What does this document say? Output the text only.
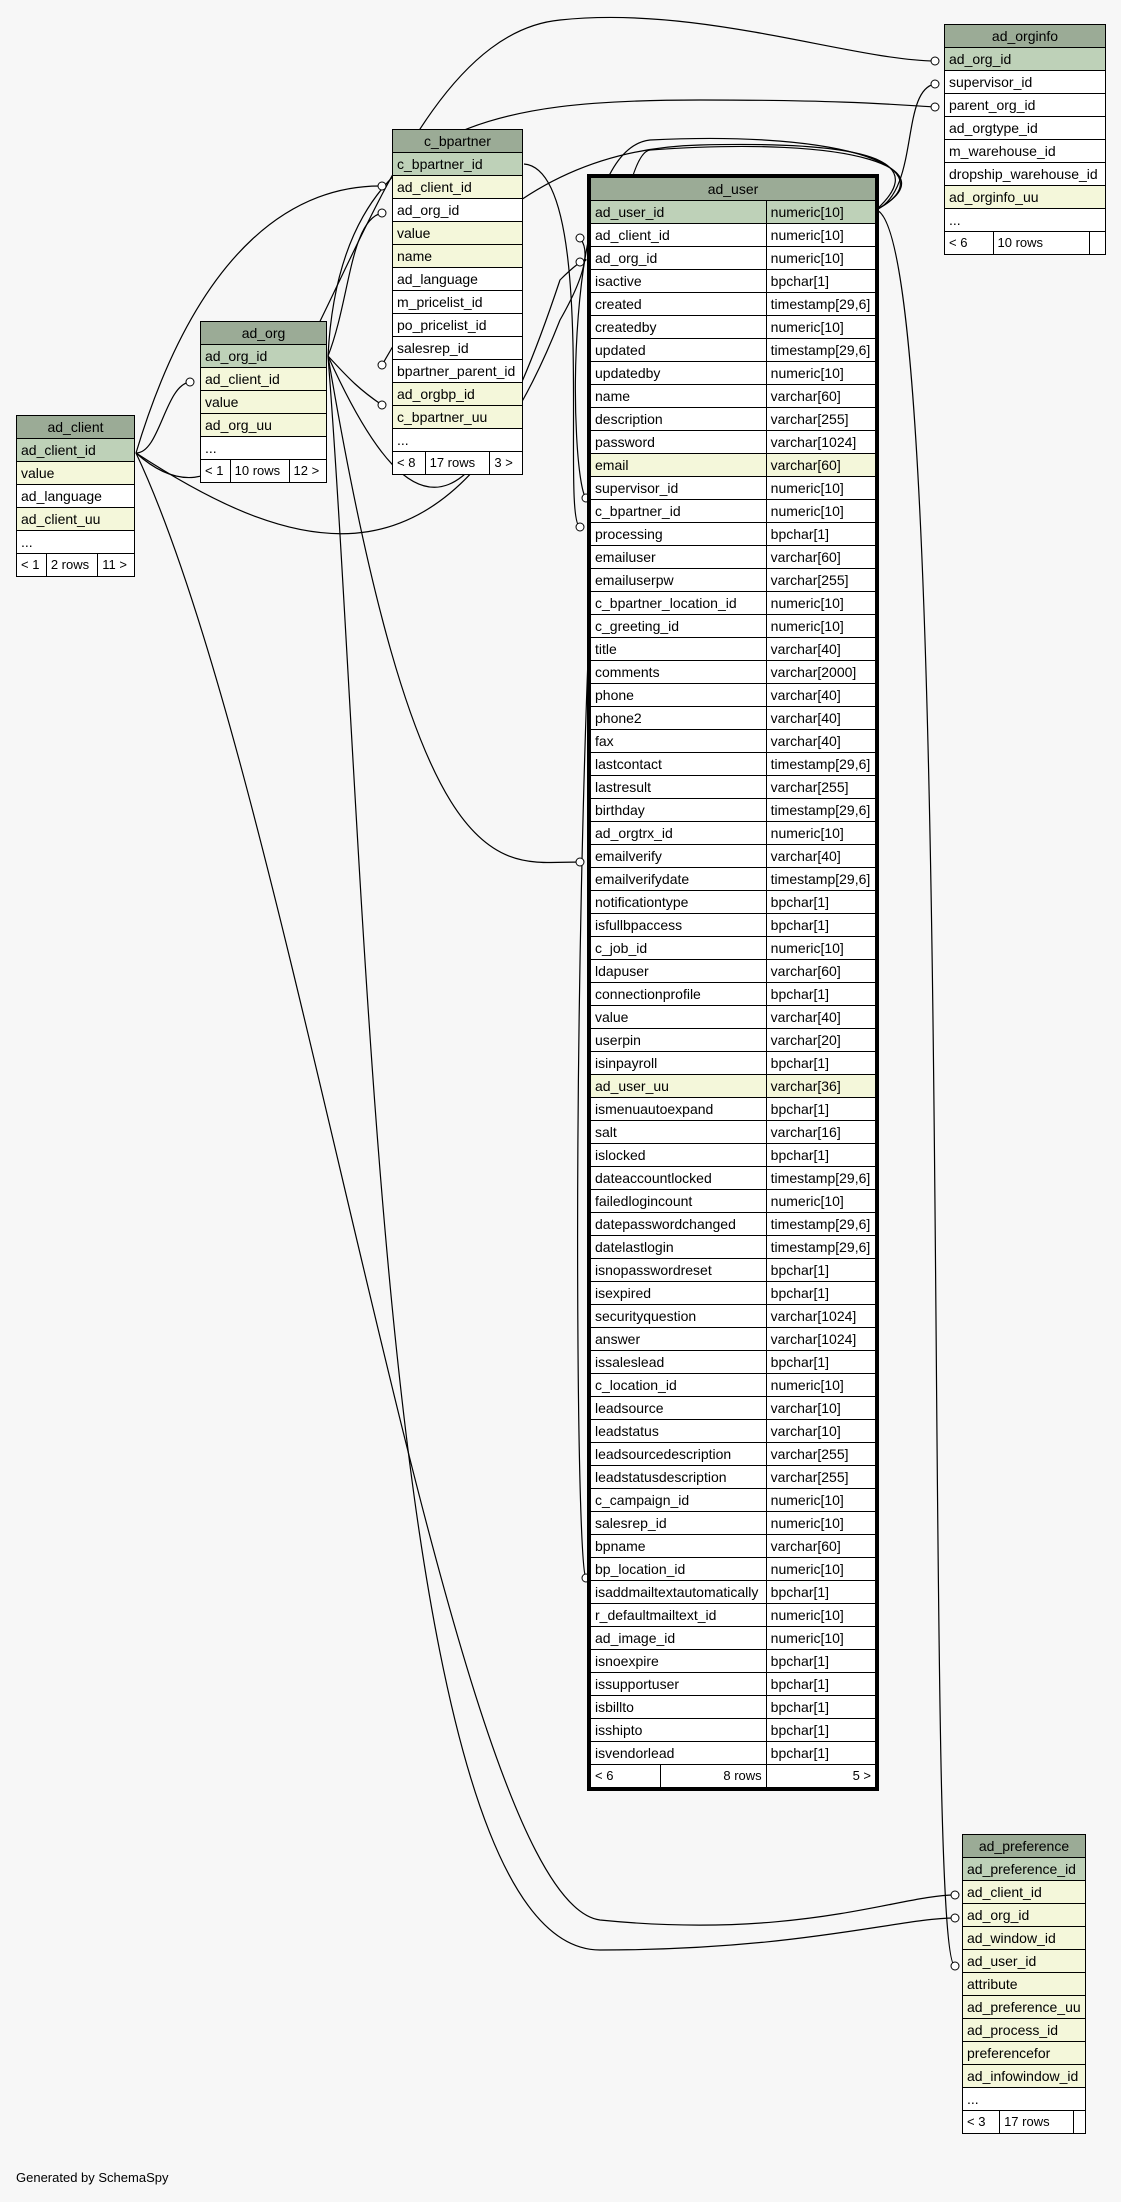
ad_client
ad_client_id
value
ad_language
ad_client_uu
...
< 1	2 rows	11 >
ad_org
ad_org_id
ad_client_id
value
ad_org_uu
...
< 1	10 rows	12 >
c_bpartner
c_bpartner_id
ad_client_id
ad_org_id
value
name
ad_language
m_pricelist_id
po_pricelist_id
salesrep_id
bpartner_parent_id
ad_orgbp_id
c_bpartner_uu
...
< 8	17 rows	3 >
ad_orginfo
ad_org_id
supervisor_id
parent_org_id
ad_orgtype_id
m_warehouse_id
dropship_warehouse_id
ad_orginfo_uu
...
< 6	10 rows	
ad_preference
ad_preference_id
ad_client_id
ad_org_id
ad_window_id
ad_user_id
attribute
ad_preference_uu
ad_process_id
preferencefor
ad_infowindow_id
...
< 3	17 rows	
ad_user		
ad_user_id		numeric[10]
ad_client_id		numeric[10]
ad_org_id		numeric[10]
isactive		bpchar[1]
created		timestamp[29,6]
createdby		numeric[10]
updated		timestamp[29,6]
updatedby		numeric[10]
name		varchar[60]
description		varchar[255]
password		varchar[1024]
email		varchar[60]
supervisor_id		numeric[10]
c_bpartner_id		numeric[10]
processing		bpchar[1]
emailuser		varchar[60]
emailuserpw		varchar[255]
c_bpartner_location_id		numeric[10]
c_greeting_id		numeric[10]
title		varchar[40]
comments		varchar[2000]
phone		varchar[40]
phone2		varchar[40]
fax		varchar[40]
lastcontact		timestamp[29,6]
lastresult		varchar[255]
birthday		timestamp[29,6]
ad_orgtrx_id		numeric[10]
emailverify		varchar[40]
emailverifydate		timestamp[29,6]
notificationtype		bpchar[1]
isfullbpaccess		bpchar[1]
c_job_id		numeric[10]
ldapuser		varchar[60]
connectionprofile		bpchar[1]
value		varchar[40]
userpin		varchar[20]
isinpayroll		bpchar[1]
ad_user_uu		varchar[36]
ismenuautoexpand		bpchar[1]
salt		varchar[16]
islocked		bpchar[1]
dateaccountlocked		timestamp[29,6]
failedlogincount		numeric[10]
datepasswordchanged		timestamp[29,6]
datelastlogin		timestamp[29,6]
isnopasswordreset		bpchar[1]
isexpired		bpchar[1]
securityquestion		varchar[1024]
answer		varchar[1024]
issaleslead		bpchar[1]
c_location_id		numeric[10]
leadsource		varchar[10]
leadstatus		varchar[10]
leadsourcedescription		varchar[255]
leadstatusdescription		varchar[255]
c_campaign_id		numeric[10]
salesrep_id		numeric[10]
bpname		varchar[60]
bp_location_id		numeric[10]
isaddmailtextautomatically		bpchar[1]
r_defaultmailtext_id		numeric[10]
ad_image_id		numeric[10]
isnoexpire		bpchar[1]
issupportuser		bpchar[1]
isbillto		bpchar[1]
isshipto		bpchar[1]
isvendorlead		bpchar[1]
< 6	8 rows	5 >
Generated by SchemaSpy
